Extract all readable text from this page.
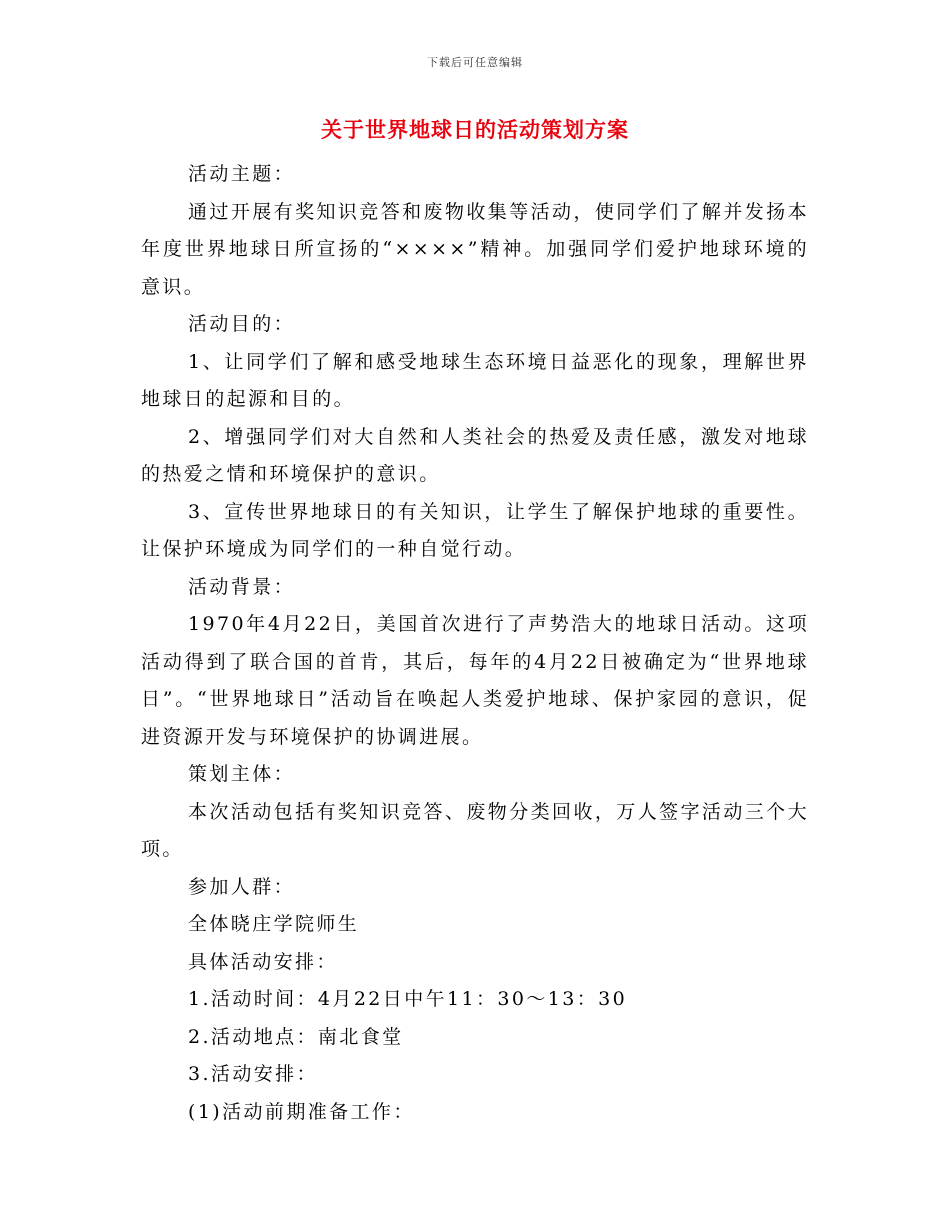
下载后可任意编辑
关于世界地球日的活动策划方案

活动主题：

通过开展有奖知识竞答和废物收集等活动，使同学们了解并发扬本年度世界地球日所宣扬的“××××”精神。加强同学们爱护地球环境的意识。

活动目的：

1、让同学们了解和感受地球生态环境日益恶化的现象，理解世界地球日的起源和目的。

2、增强同学们对大自然和人类社会的热爱及责任感，激发对地球的热爱之情和环境保护的意识。

3、宣传世界地球日的有关知识，让学生了解保护地球的重要性。让保护环境成为同学们的一种自觉行动。

活动背景：

1970年4月22日，美国首次进行了声势浩大的地球日活动。这项活动得到了联合国的首肯，其后，每年的4月22日被确定为“世界地球日”。“世界地球日”活动旨在唤起人类爱护地球、保护家园的意识，促进资源开发与环境保护的协调进展。

策划主体：

本次活动包括有奖知识竞答、废物分类回收，万人签字活动三个大项。

参加人群：

全体晓庄学院师生

具体活动安排：

1.活动时间：4月22日中午11：30～13：30

2.活动地点：南北食堂

3.活动安排：

(1)活动前期准备工作：
